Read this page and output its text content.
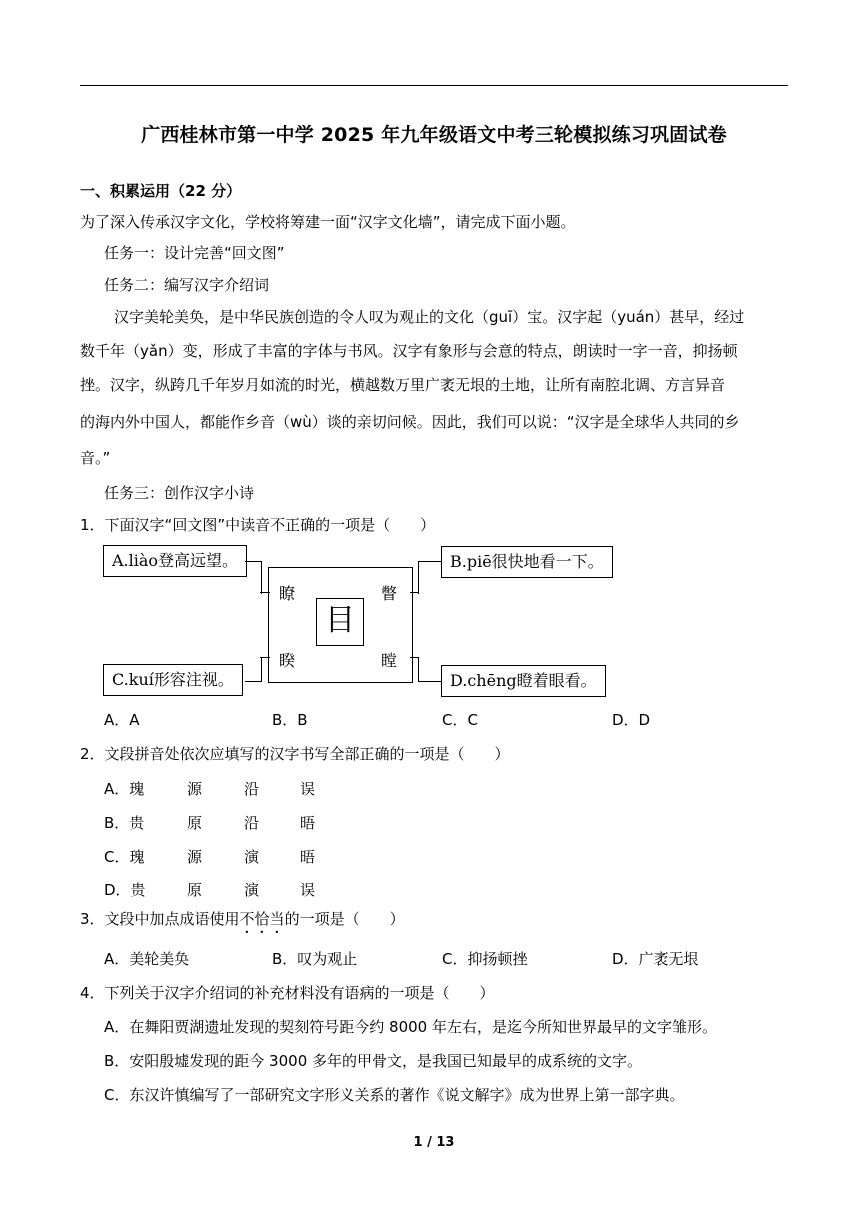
广西桂林市第一中学 2025 年九年级语文中考三轮模拟练习巩固试卷
一、积累运用（22 分）
为了深入传承汉字文化，学校将筹建一面“汉字文化墙”，请完成下面小题。
任务一：设计完善“回文图”
任务二：编写汉字介绍词
汉字美轮美奂，是中华民族创造的令人叹为观止的文化（guī）宝。汉字起（yuán）甚早，经过
数千年（yǎn）变，形成了丰富的字体与书风。汉字有象形与会意的特点，朗读时一字一音，抑扬顿
挫。汉字，纵跨几千年岁月如流的时光，横越数万里广袤无垠的土地，让所有南腔北调、方言异音
的海内外中国人，都能作乡音（wù）谈的亲切问候。因此，我们可以说：“汉字是全球华人共同的乡
音。”
任务三：创作汉字小诗
1．下面汉字“回文图”中读音不正确的一项是（　　）
A.liào登高远望。	B.piē很快地看一下。
C.kuí形容注视。	D.chēng瞪着眼看。
目
瞭	瞥
睽	瞠
A．A	B．B	C．C	D．D
2．文段拼音处依次应填写的汉字书写全部正确的一项是（　　）
A．瑰	源	沿	误
B．贵	原	沿	晤
C．瑰	源	演	晤
D．贵	原	演	误
3．文段中加点成语使用不恰当的一项是（　　）
A．美轮美奂	B．叹为观止	C．抑扬顿挫	D．广袤无垠
4．下列关于汉字介绍词的补充材料没有语病的一项是（　　）
A．在舞阳贾湖遗址发现的契刻符号距今约 8000 年左右，是迄今所知世界最早的文字雏形。
B．安阳殷墟发现的距今 3000 多年的甲骨文，是我国已知最早的成系统的文字。
C．东汉许慎编写了一部研究文字形义关系的著作《说文解字》成为世界上第一部字典。
1 / 13
